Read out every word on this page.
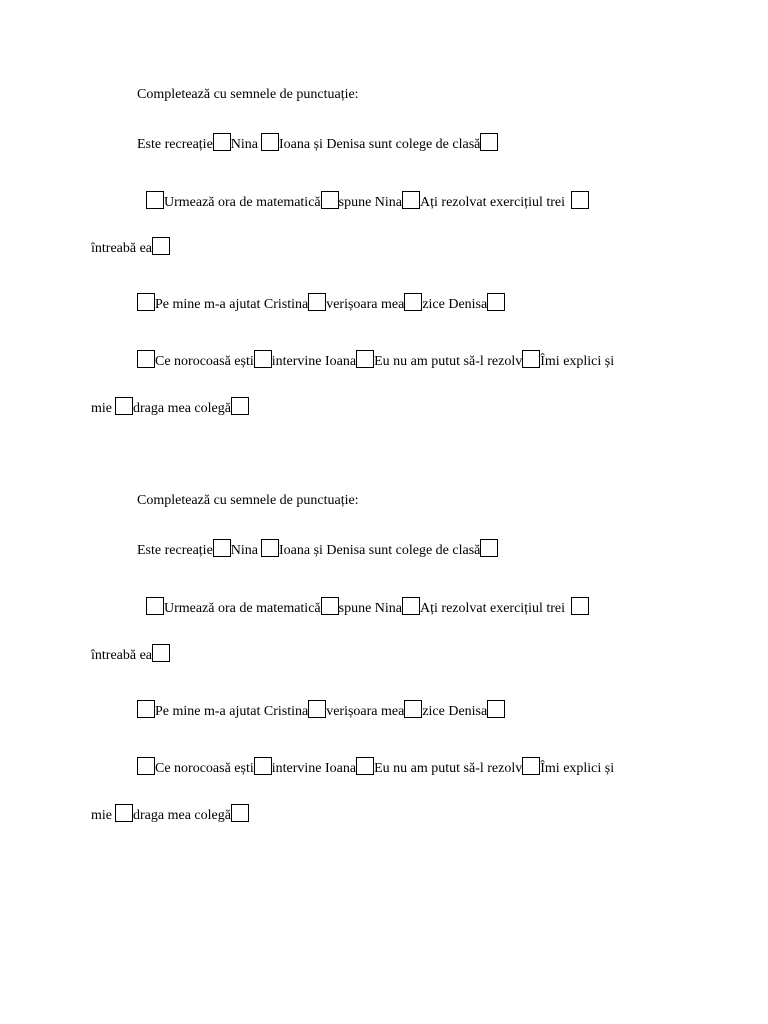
Completează cu semnele de punctuație:
Este recreație Nina Ioana și Denisa sunt colege de clasă
Urmează ora de matematică spune Nina Ați rezolvat exercițiul trei
întreabă ea
Pe mine m-a ajutat Cristina verișoara mea zice Denisa
Ce norocoasă ești intervine Ioana Eu nu am putut să-l rezolv Îmi explici și
mie draga mea colegă
Completează cu semnele de punctuație:
Este recreație Nina Ioana și Denisa sunt colege de clasă
Urmează ora de matematică spune Nina Ați rezolvat exercițiul trei
întreabă ea
Pe mine m-a ajutat Cristina verișoara mea zice Denisa
Ce norocoasă ești intervine Ioana Eu nu am putut să-l rezolv Îmi explici și
mie draga mea colegă
